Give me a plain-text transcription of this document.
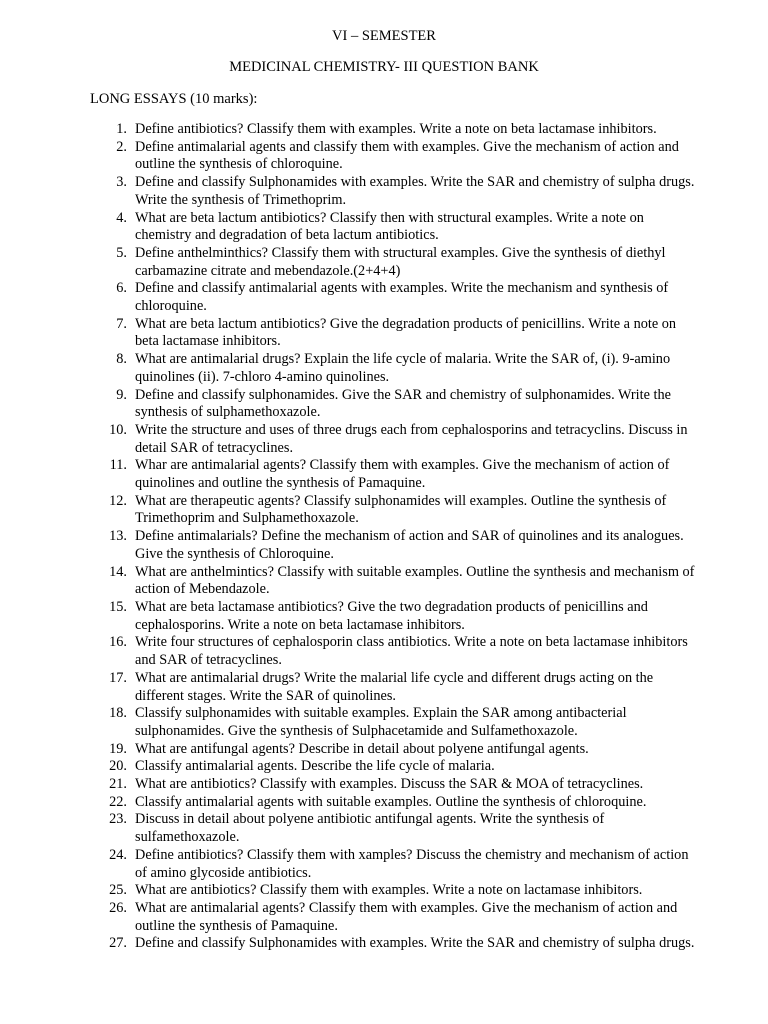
VI – SEMESTER
MEDICINAL CHEMISTRY- III QUESTION BANK
LONG ESSAYS (10 marks):
1. Define antibiotics? Classify them with examples. Write a note on beta lactamase inhibitors.
2. Define antimalarial agents and classify them with examples. Give the mechanism of action and
outline the synthesis of chloroquine.
3. Define and classify Sulphonamides with examples. Write the SAR and chemistry of sulpha drugs.
Write the synthesis of Trimethoprim.
4. What are beta lactum antibiotics? Classify then with structural examples. Write a note on
chemistry and degradation of beta lactum antibiotics.
5. Define anthelminthics? Classify them with structural examples. Give the synthesis of diethyl
carbamazine citrate and mebendazole.(2+4+4)
6. Define and classify antimalarial agents with examples. Write the mechanism and synthesis of
chloroquine.
7. What are beta lactum antibiotics? Give the degradation products of penicillins. Write a note on
beta lactamase inhibitors.
8. What are antimalarial drugs? Explain the life cycle of malaria. Write the SAR of, (i). 9-amino
quinolines (ii). 7-chloro 4-amino quinolines.
9. Define and classify sulphonamides. Give the SAR and chemistry of sulphonamides. Write the
synthesis of sulphamethoxazole.
10. Write the structure and uses of three drugs each from cephalosporins and tetracyclins. Discuss in
detail SAR of tetracyclines.
11. Whar are antimalarial agents? Classify them with examples. Give the mechanism of action of
quinolines and outline the synthesis of Pamaquine.
12. What are therapeutic agents? Classify sulphonamides will examples. Outline the synthesis of
Trimethoprim and Sulphamethoxazole.
13. Define antimalarials? Define the mechanism of action and SAR of quinolines and its analogues.
Give the synthesis of Chloroquine.
14. What are anthelmintics? Classify with suitable examples. Outline the synthesis and mechanism of
action of Mebendazole.
15. What are beta lactamase antibiotics? Give the two degradation products of penicillins and
cephalosporins. Write a note on beta lactamase inhibitors.
16. Write four structures of cephalosporin class antibiotics. Write a note on beta lactamase inhibitors
and SAR of tetracyclines.
17. What are antimalarial drugs? Write the malarial life cycle and different drugs acting on the
different stages. Write the SAR of quinolines.
18. Classify sulphonamides with suitable examples. Explain the SAR among antibacterial
sulphonamides. Give the synthesis of Sulphacetamide and Sulfamethoxazole.
19. What are antifungal agents? Describe in detail about polyene antifungal agents.
20. Classify antimalarial agents. Describe the life cycle of malaria.
21. What are antibiotics? Classify with examples. Discuss the SAR & MOA of tetracyclines.
22. Classify antimalarial agents with suitable examples. Outline the synthesis of chloroquine.
23. Discuss in detail about polyene antibiotic antifungal agents. Write the synthesis of
sulfamethoxazole.
24. Define antibiotics? Classify them with xamples? Discuss the chemistry and mechanism of action
of amino glycoside antibiotics.
25. What are antibiotics? Classify them with examples. Write a note on lactamase inhibitors.
26. What are antimalarial agents? Classify them with examples. Give the mechanism of action and
outline the synthesis of Pamaquine.
27. Define and classify Sulphonamides with examples. Write the SAR and chemistry of sulpha drugs.
